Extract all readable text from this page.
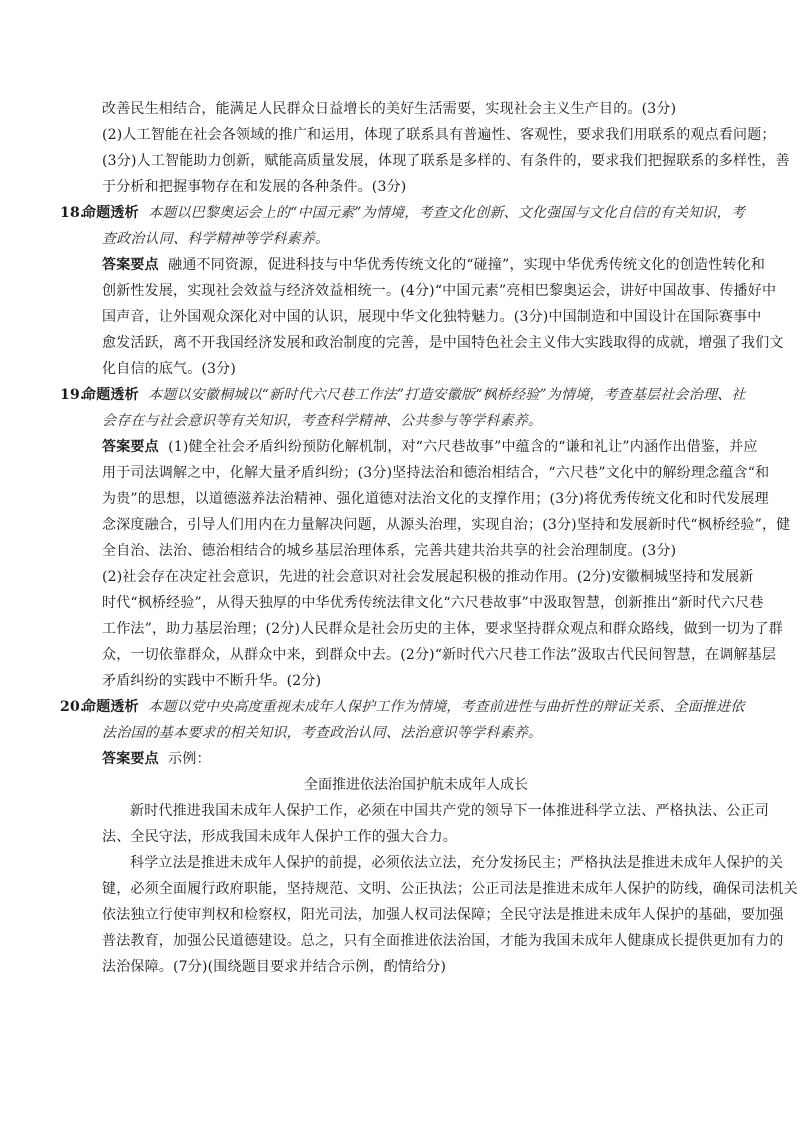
改善民生相结合，能满足人民群众日益增长的美好生活需要，实现社会主义生产目的。(3分)
(2)人工智能在社会各领域的推广和运用，体现了联系具有普遍性、客观性，要求我们用联系的观点看问题；
(3分)人工智能助力创新，赋能高质量发展，体现了联系是多样的、有条件的，要求我们把握联系的多样性，善
于分析和把握事物存在和发展的各种条件。(3分)
18.命题透析 本题以巴黎奥运会上的“中国元素”为情境，考查文化创新、文化强国与文化自信的有关知识，考
查政治认同、科学精神等学科素养。
答案要点 融通不同资源，促进科技与中华优秀传统文化的“碰撞”，实现中华优秀传统文化的创造性转化和
创新性发展，实现社会效益与经济效益相统一。(4分)“中国元素”亮相巴黎奥运会，讲好中国故事、传播好中
国声音，让外国观众深化对中国的认识，展现中华文化独特魅力。(3分)中国制造和中国设计在国际赛事中
愈发活跃，离不开我国经济发展和政治制度的完善，是中国特色社会主义伟大实践取得的成就，增强了我们文
化自信的底气。(3分)
19.命题透析 本题以安徽桐城以“新时代六尺巷工作法”打造安徽版“枫桥经验”为情境，考查基层社会治理、社
会存在与社会意识等有关知识，考查科学精神、公共参与等学科素养。
答案要点 (1)健全社会矛盾纠纷预防化解机制，对“六尺巷故事”中蕴含的“谦和礼让”内涵作出借鉴，并应
用于司法调解之中，化解大量矛盾纠纷；(3分)坚持法治和德治相结合，“六尺巷”文化中的解纷理念蕴含“和
为贵”的思想，以道德滋养法治精神、强化道德对法治文化的支撑作用；(3分)将优秀传统文化和时代发展理
念深度融合，引导人们用内在力量解决问题，从源头治理，实现自治；(3分)坚持和发展新时代“枫桥经验”，健
全自治、法治、德治相结合的城乡基层治理体系，完善共建共治共享的社会治理制度。(3分)
(2)社会存在决定社会意识，先进的社会意识对社会发展起积极的推动作用。(2分)安徽桐城坚持和发展新
时代“枫桥经验”，从得天独厚的中华优秀传统法律文化“六尺巷故事”中汲取智慧，创新推出“新时代六尺巷
工作法”，助力基层治理；(2分)人民群众是社会历史的主体，要求坚持群众观点和群众路线，做到一切为了群
众，一切依靠群众，从群众中来，到群众中去。(2分)“新时代六尺巷工作法”汲取古代民间智慧，在调解基层
矛盾纠纷的实践中不断升华。(2分)
20.命题透析 本题以党中央高度重视未成年人保护工作为情境，考查前进性与曲折性的辩证关系、全面推进依
法治国的基本要求的相关知识，考查政治认同、法治意识等学科素养。
答案要点 示例：
全面推进依法治国护航未成年人成长
新时代推进我国未成年人保护工作，必须在中国共产党的领导下一体推进科学立法、严格执法、公正司
法、全民守法，形成我国未成年人保护工作的强大合力。
科学立法是推进未成年人保护的前提，必须依法立法，充分发扬民主；严格执法是推进未成年人保护的关
键，必须全面履行政府职能，坚持规范、文明、公正执法；公正司法是推进未成年人保护的防线，确保司法机关
依法独立行使审判权和检察权，阳光司法，加强人权司法保障；全民守法是推进未成年人保护的基础，要加强
普法教育，加强公民道德建设。总之，只有全面推进依法治国，才能为我国未成年人健康成长提供更加有力的
法治保障。(7分)(围绕题目要求并结合示例，酌情给分)
